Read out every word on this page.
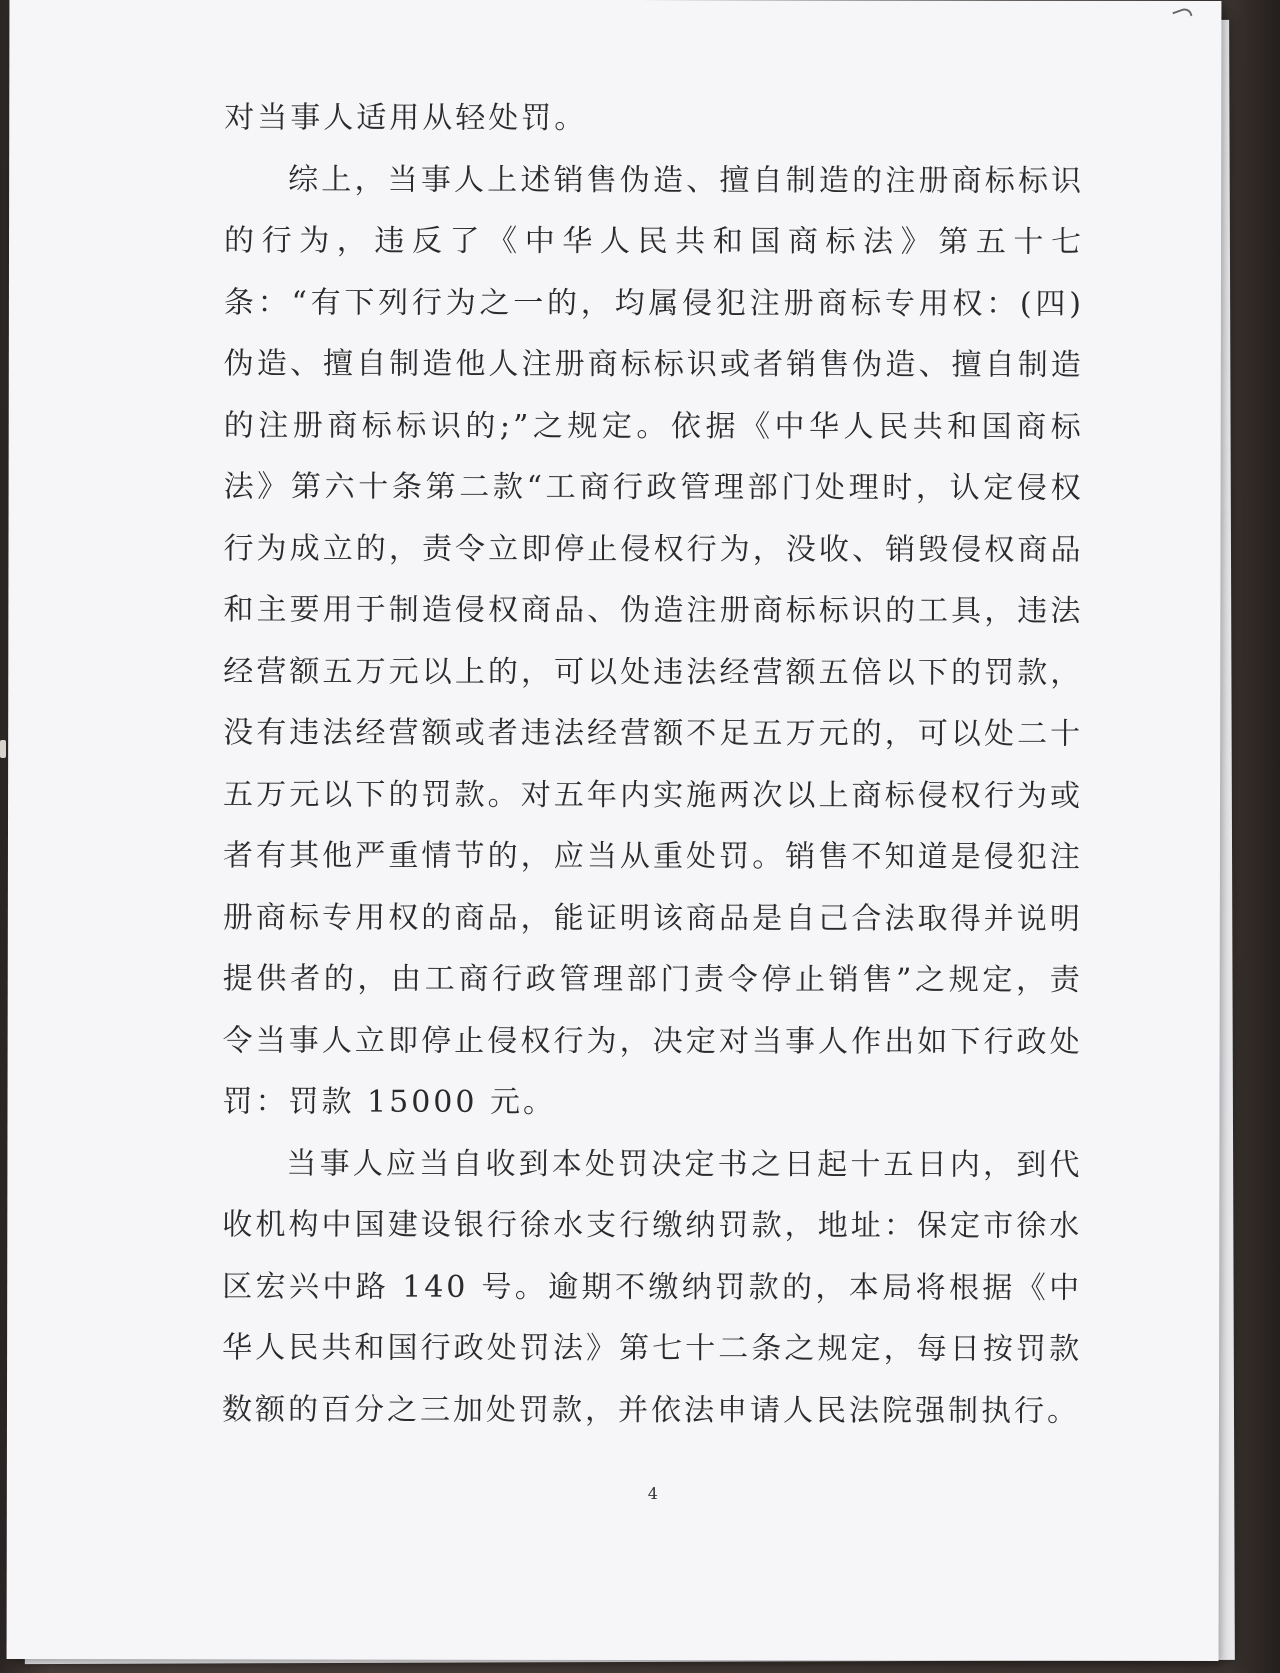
对当事人适用从轻处罚。

综上，当事人上述销售伪造、擅自制造的注册商标标识的行为，违反了《中华人民共和国商标法》第五十七条：“有下列行为之一的，均属侵犯注册商标专用权：(四)伪造、擅自制造他人注册商标标识或者销售伪造、擅自制造的注册商标标识的;”之规定。依据《中华人民共和国商标法》第六十条第二款“工商行政管理部门处理时，认定侵权行为成立的，责令立即停止侵权行为，没收、销毁侵权商品和主要用于制造侵权商品、伪造注册商标标识的工具，违法经营额五万元以上的，可以处违法经营额五倍以下的罚款，没有违法经营额或者违法经营额不足五万元的，可以处二十五万元以下的罚款。对五年内实施两次以上商标侵权行为或者有其他严重情节的，应当从重处罚。销售不知道是侵犯注册商标专用权的商品，能证明该商品是自己合法取得并说明提供者的，由工商行政管理部门责令停止销售”之规定，责令当事人立即停止侵权行为，决定对当事人作出如下行政处罚：罚款 15000 元。

当事人应当自收到本处罚决定书之日起十五日内，到代收机构中国建设银行徐水支行缴纳罚款，地址：保定市徐水区宏兴中路 140 号。逾期不缴纳罚款的，本局将根据《中华人民共和国行政处罚法》第七十二条之规定，每日按罚款数额的百分之三加处罚款，并依法申请人民法院强制执行。

4
